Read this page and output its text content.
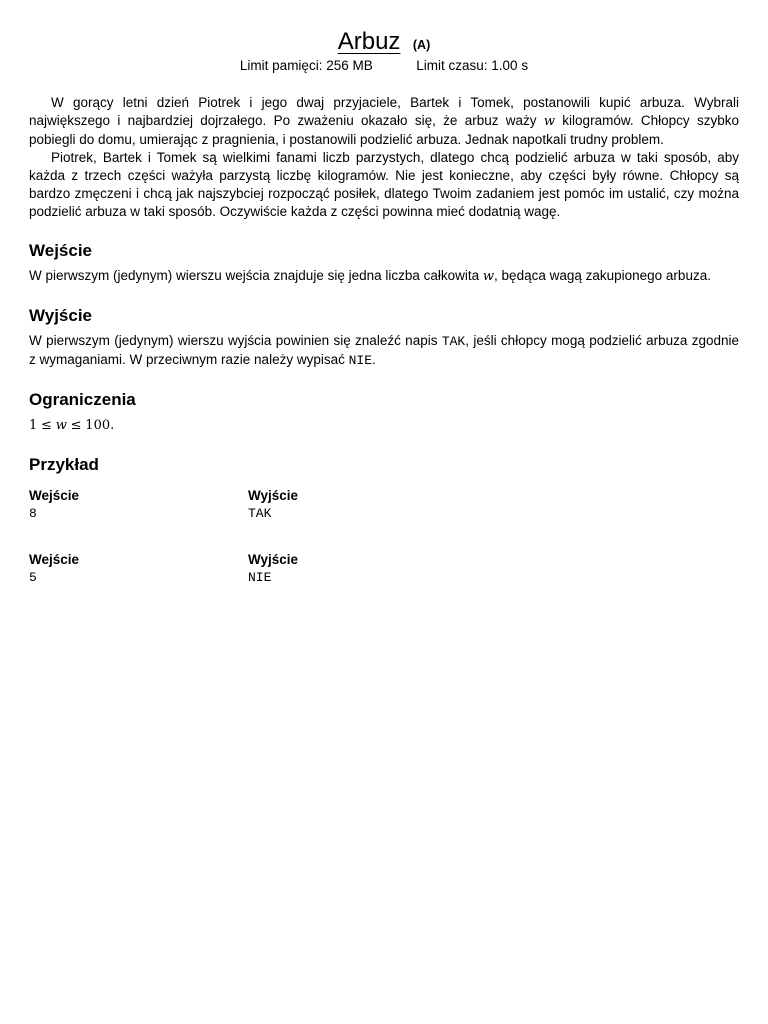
Arbuz (A)
Limit pamięci: 256 MB	Limit czasu: 1.00 s

W gorący letni dzień Piotrek i jego dwaj przyjaciele, Bartek i Tomek, postanowili kupić arbuza. Wybrali największego i najbardziej dojrzałego. Po zważeniu okazało się, że arbuz waży w kilogramów. Chłopcy szybko pobiegli do domu, umierając z pragnienia, i postanowili podzielić arbuza. Jednak napotkali trudny problem.

Piotrek, Bartek i Tomek są wielkimi fanami liczb parzystych, dlatego chcą podzielić arbuza w taki sposób, aby każda z trzech części ważyła parzystą liczbę kilogramów. Nie jest konieczne, aby części były równe. Chłopcy są bardzo zmęczeni i chcą jak najszybciej rozpocząć posiłek, dlatego Twoim zadaniem jest pomóc im ustalić, czy można podzielić arbuza w taki sposób. Oczywiście każda z części powinna mieć dodatnią wagę.

Wejście

W pierwszym (jedynym) wierszu wejścia znajduje się jedna liczba całkowita w, będąca wagą zakupionego arbuza.

Wyjście

W pierwszym (jedynym) wierszu wyjścia powinien się znaleźć napis TAK, jeśli chłopcy mogą podzielić arbuza zgodnie z wymaganiami. W przeciwnym razie należy wypisać NIE.

Ograniczenia

1 ≤ w ≤ 100.

Przykład
Wejście
8
Wyjście
TAK
Wejście
5
Wyjście
NIE
